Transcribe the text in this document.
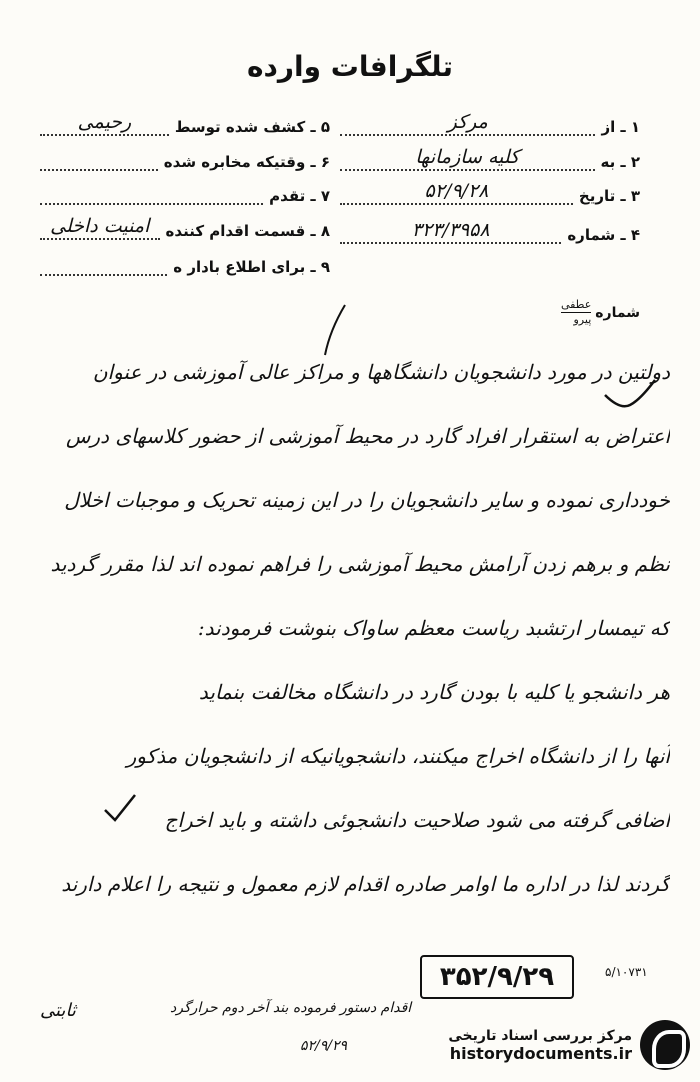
تلگرافات وارده
۱ ـ از
مرکز
۲ ـ به
کلیه سازمانها
۳ ـ تاریخ
۵۲/۹/۲۸
۴ ـ شماره
۳۲۳/۳۹۵۸
۵ ـ کشف شده توسط
رحیمی
۶ ـ وقتیکه مخابره شده
۷ ـ تقدم
۸ ـ قسمت اقدام کننده
امنیت داخلی
۹ ـ برای اطلاع بادار ه
شماره
عطفی
پیرو
دولتین در مورد دانشجویان دانشگاهها و مراکز عالی آموزشی در عنوان
اعتراض به استقرار افراد گارد در محیط آموزشی از حضور کلاسهای درس
خودداری نموده و سایر دانشجویان را در این زمینه تحریک و موجبات اخلال
نظم و برهم زدن آرامش محیط آموزشی را فراهم نموده اند لذا مقرر گردید
که تیمسار ارتشبد ریاست معظم ساواک بنوشت فرمودند:
هر دانشجو یا کلیه با بودن گارد در دانشگاه مخالفت بنماید
آنها را از دانشگاه اخراج میکنند، دانشجویانیکه از دانشجویان مذکور
اضافی گرفته می شود صلاحیت دانشجوئی داشته و باید اخراج
گردند لذا در اداره ما اوامر صادره اقدام لازم معمول و نتیجه را اعلام دارند
۳۵۲/۹/۲۹
اقدام دستور فرموده بند آخر دوم حرارگرد
ثابتی
۵/۱۰۷۳۱
۵۲/۹/۲۹
مرکز بررسی اسناد تاریخی
historydocuments.ir
